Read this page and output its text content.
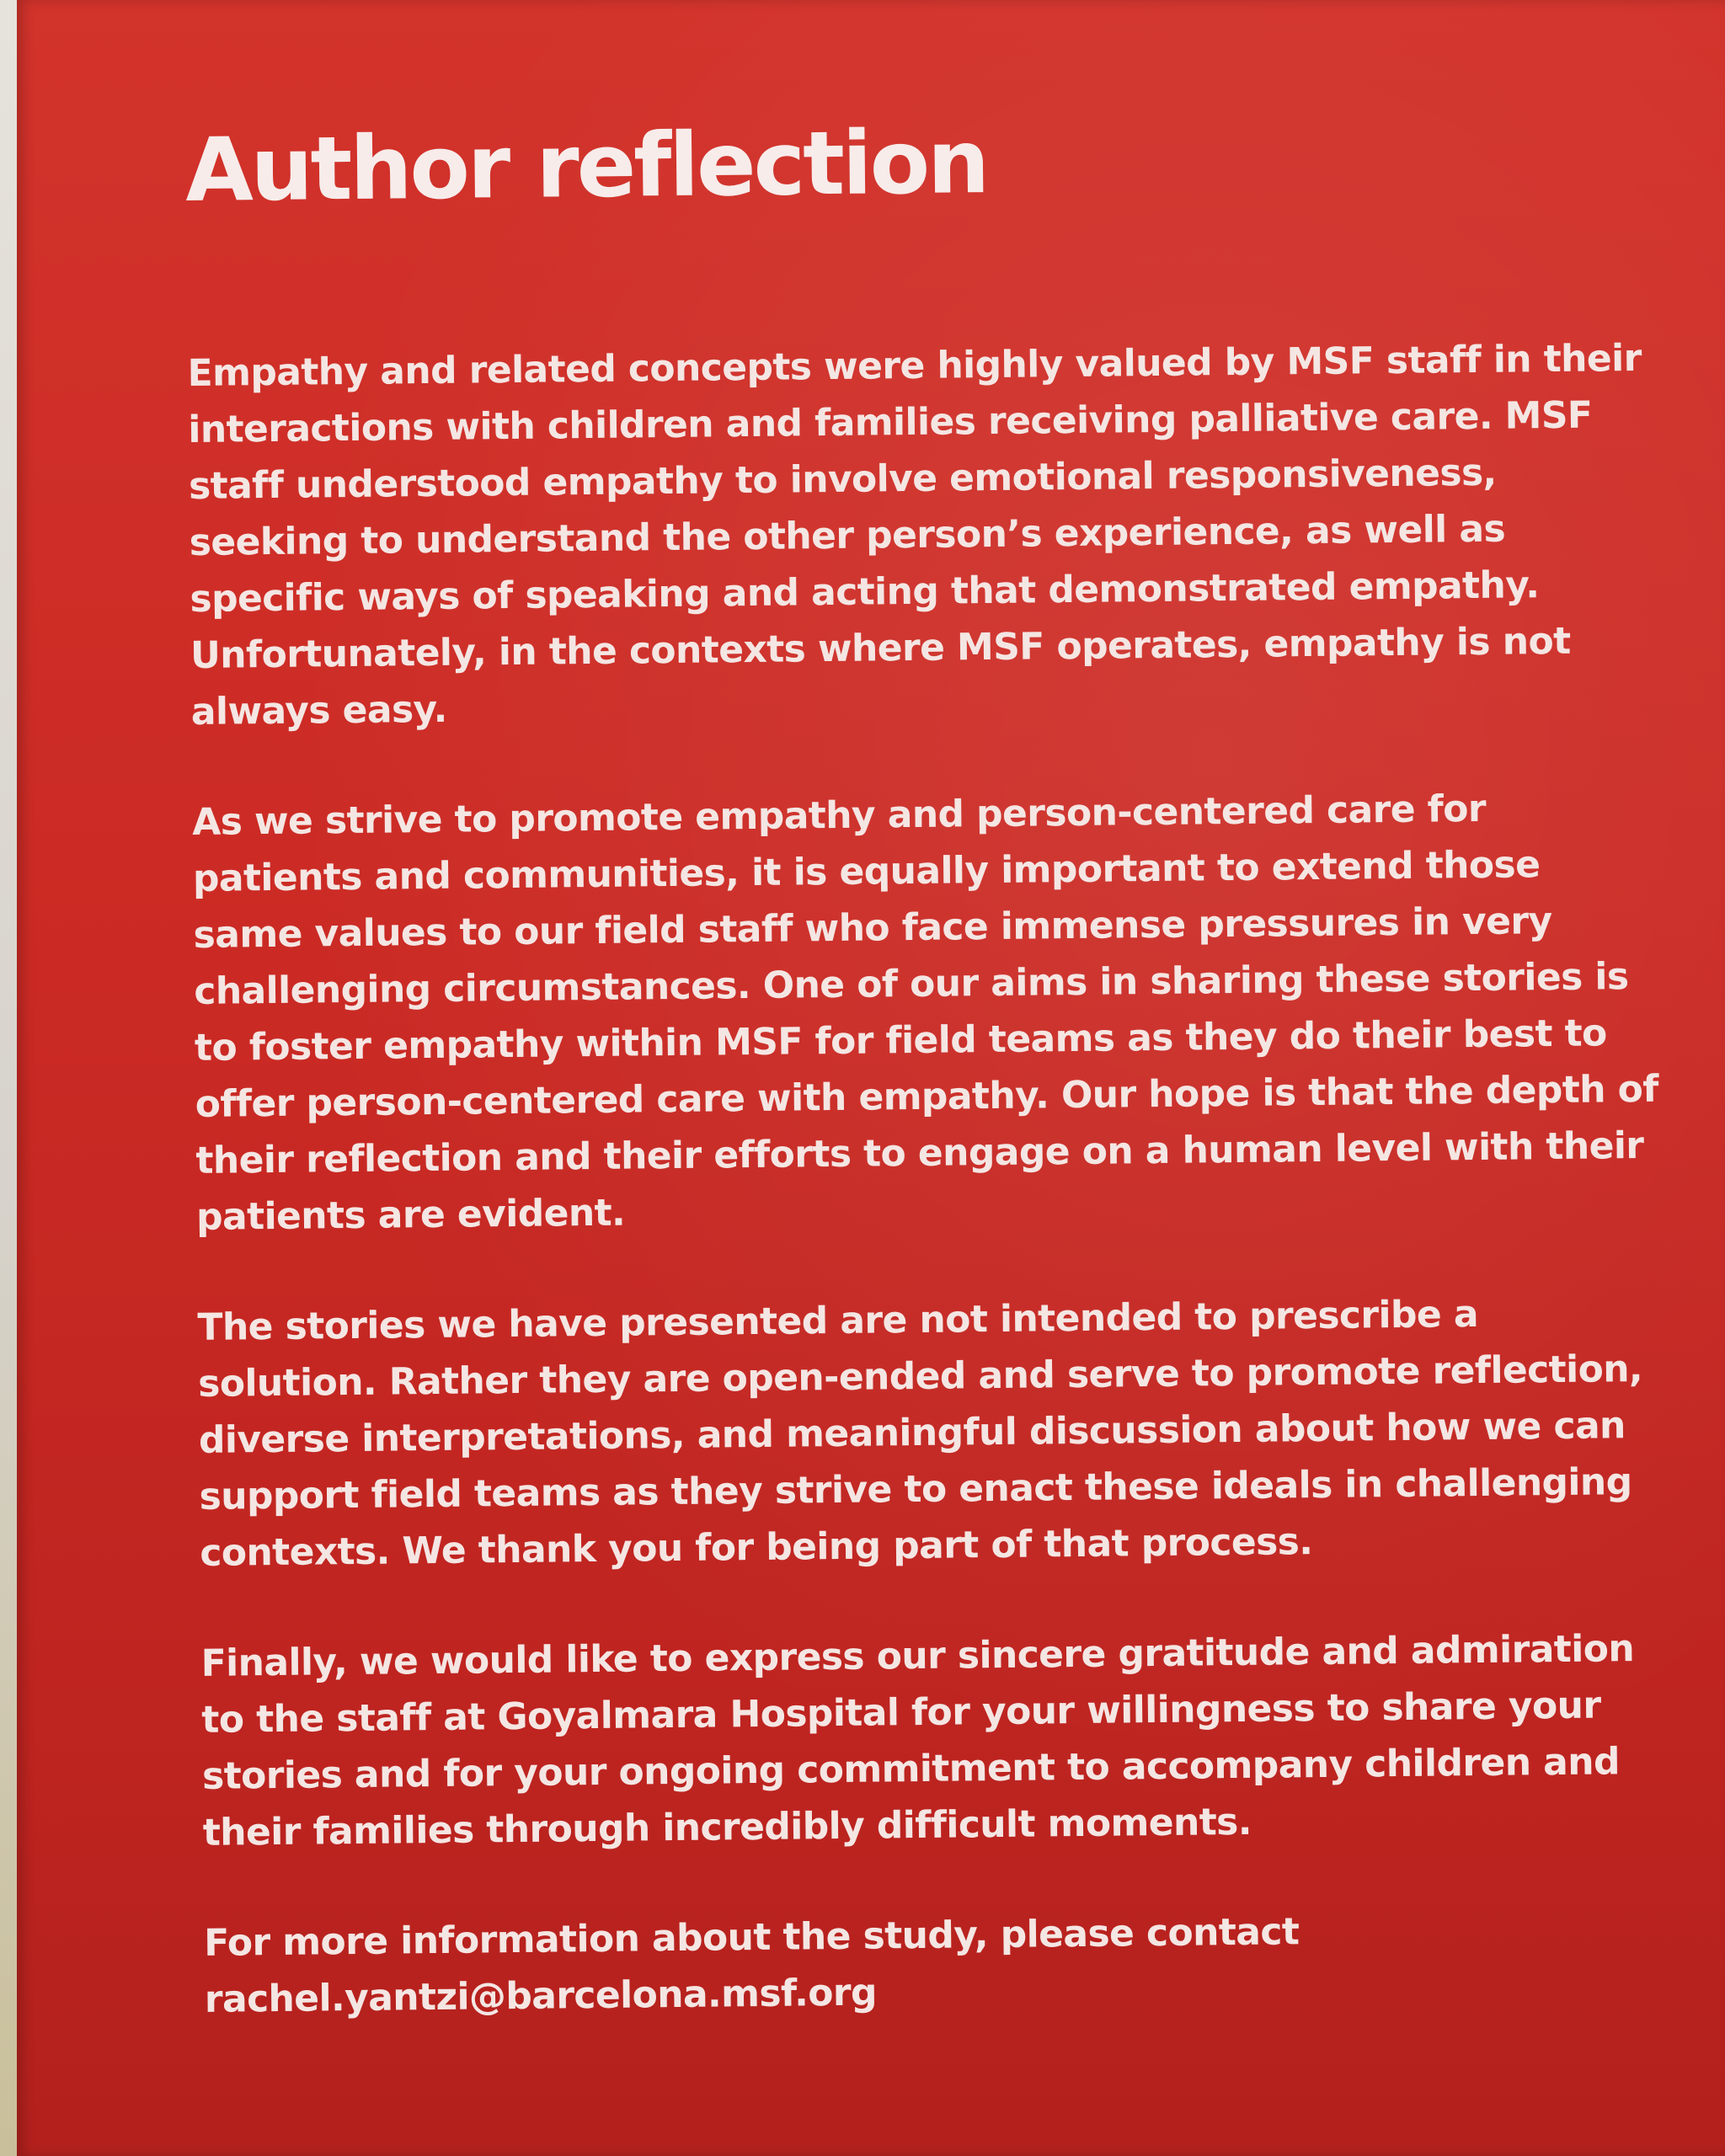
Author reflection

Empathy and related concepts were highly valued by MSF staff in their
interactions with children and families receiving palliative care. MSF
staff understood empathy to involve emotional responsiveness,
seeking to understand the other person’s experience, as well as
specific ways of speaking and acting that demonstrated empathy.
Unfortunately, in the contexts where MSF operates, empathy is not
always easy.

As we strive to promote empathy and person-centered care for
patients and communities, it is equally important to extend those
same values to our field staff who face immense pressures in very
challenging circumstances. One of our aims in sharing these stories is
to foster empathy within MSF for field teams as they do their best to
offer person-centered care with empathy. Our hope is that the depth of
their reflection and their efforts to engage on a human level with their
patients are evident.

The stories we have presented are not intended to prescribe a
solution. Rather they are open-ended and serve to promote reflection,
diverse interpretations, and meaningful discussion about how we can
support field teams as they strive to enact these ideals in challenging
contexts. We thank you for being part of that process.

Finally, we would like to express our sincere gratitude and admiration
to the staff at Goyalmara Hospital for your willingness to share your
stories and for your ongoing commitment to accompany children and
their families through incredibly difficult moments.

For more information about the study, please contact
rachel.yantzi@barcelona.msf.org
